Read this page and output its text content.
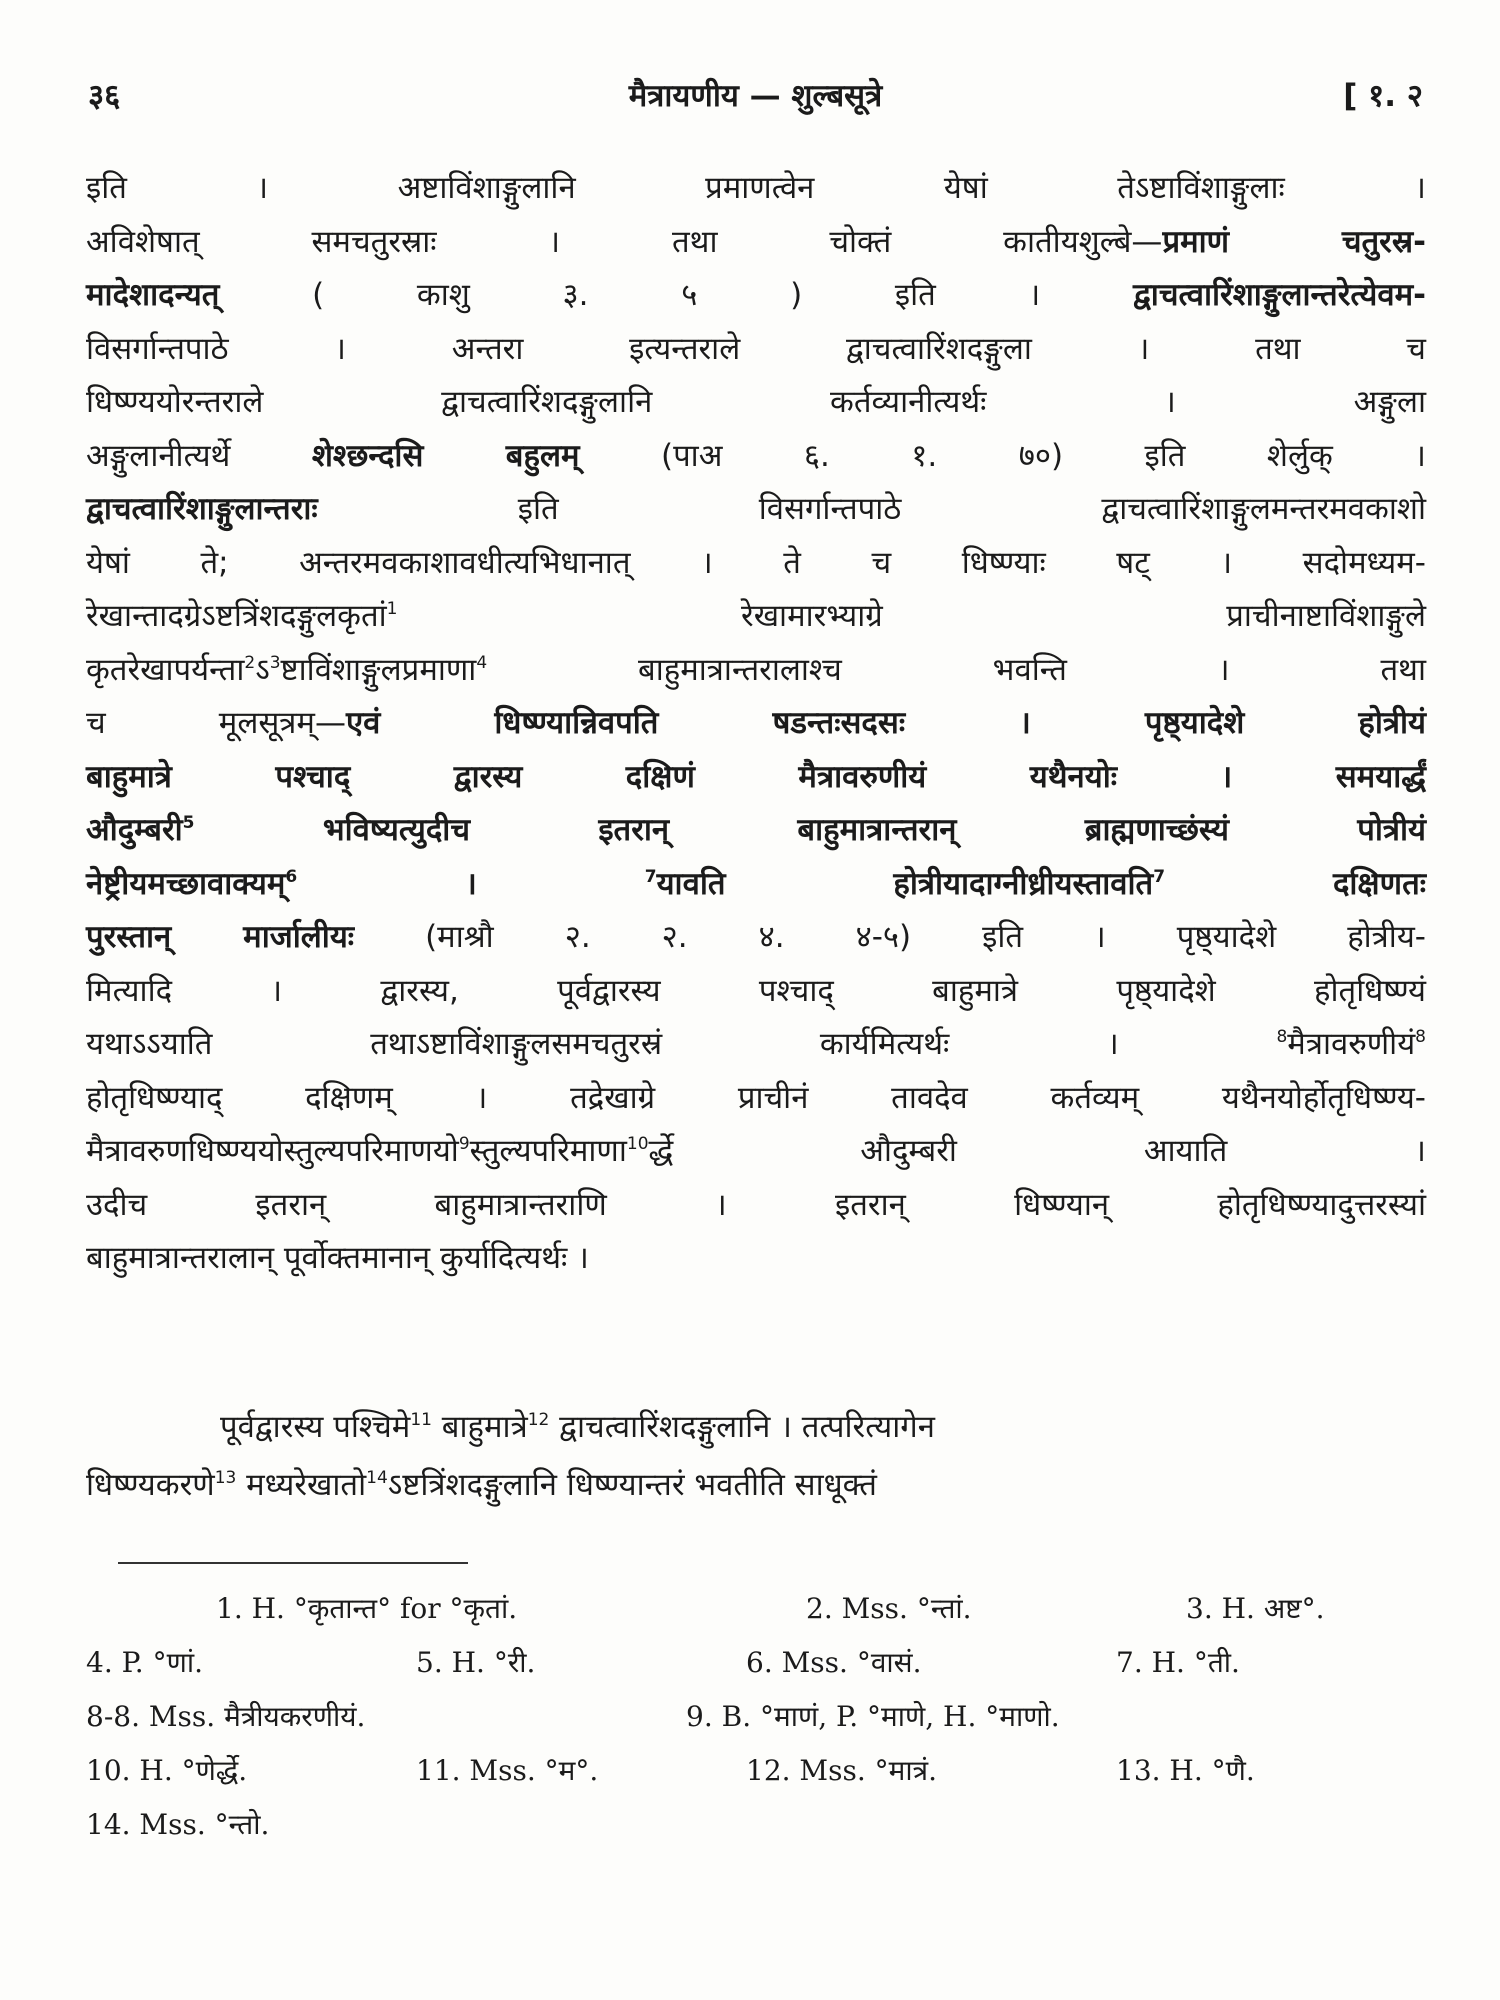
३६	मैत्रायणीय — शुल्बसूत्रे	[ १. २
इति । अष्टाविंशाङ्गुलानि प्रमाणत्वेन येषां तेऽष्टाविंशाङ्गुलाः ।
अविशेषात् समचतुरस्राः । तथा चोक्तं कातीयशुल्बे—प्रमाणं चतुरस्र-
मादेशादन्यत् ( काशु ३. ५ ) इति । द्वाचत्वारिंशाङ्गुलान्तरेत्येवम-
विसर्गान्तपाठे । अन्तरा इत्यन्तराले द्वाचत्वारिंशदङ्गुला । तथा च
धिष्ण्ययोरन्तराले द्वाचत्वारिंशदङ्गुलानि कर्तव्यानीत्यर्थः । अङ्गुला
अङ्गुलानीत्यर्थे शेश्छन्दसि बहुलम् (पाअ ६. १. ७०) इति शेर्लुक् ।
द्वाचत्वारिंशाङ्गुलान्तराः इति विसर्गान्तपाठे द्वाचत्वारिंशाङ्गुलमन्तरमवकाशो
येषां ते; अन्तरमवकाशावधीत्यभिधानात् । ते च धिष्ण्याः षट् । सदोमध्यम-
रेखान्तादग्रेऽष्टत्रिंशदङ्गुलकृतां$^1$ रेखामारभ्याग्रे प्राचीनाष्टाविंशाङ्गुले
कृतरेखापर्यन्ता$^2$ऽ$^3$ष्टाविंशाङ्गुलप्रमाणा$^4$ बाहुमात्रान्तरालाश्च भवन्ति । तथा
च मूलसूत्रम्—एवं धिष्ण्यान्निवपति षडन्तःसदसः । पृष्ठ्यादेशे होत्रीयं
बाहुमात्रे पश्चाद् द्वारस्य दक्षिणं मैत्रावरुणीयं यथैनयोः । समयार्द्धं
औदुम्बरी$^5$ भविष्यत्युदीच इतरान् बाहुमात्रान्तरान् ब्राह्मणाच्छंस्यं पोत्रीयं
नेष्ट्रीयमच्छावाक्यम्$^6$ । $^7$यावति होत्रीयादाग्नीध्रीयस्तावति$^7$ दक्षिणतः
पुरस्तान् मार्जालीयः (माश्रौ २. २. ४. ४-५) इति । पृष्ठ्यादेशे होत्रीय-
मित्यादि । द्वारस्य, पूर्वद्वारस्य पश्चाद् बाहुमात्रे पृष्ठ्यादेशे होतृधिष्ण्यं
यथाऽऽयाति तथाऽष्टाविंशाङ्गुलसमचतुरस्रं कार्यमित्यर्थः । $^8$मैत्रावरुणीयं$^8$
होतृधिष्ण्याद् दक्षिणम् । तद्रेखाग्रे प्राचीनं तावदेव कर्तव्यम् यथैनयोर्होतृधिष्ण्य-
मैत्रावरुणधिष्ण्ययोस्तुल्यपरिमाणयो$^9$स्तुल्यपरिमाणा$^{10}$र्द्धे औदुम्बरी आयाति ।
उदीच इतरान् बाहुमात्रान्तराणि । इतरान् धिष्ण्यान् होतृधिष्ण्यादुत्तरस्यां
बाहुमात्रान्तरालान् पूर्वोक्तमानान् कुर्यादित्यर्थः ।
पूर्वद्वारस्य पश्चिमे$^{11}$ बाहुमात्रे$^{12}$ द्वाचत्वारिंशदङ्गुलानि । तत्परित्यागेन
धिष्ण्यकरणे$^{13}$ मध्यरेखातो$^{14}$ऽष्टत्रिंशदङ्गुलानि धिष्ण्यान्तरं भवतीति साधूक्तं
1. H. °कृतान्त° for °कृतां.	2. Mss. °न्तां.	3. H. अष्ट°.
4. P. °णां.	5. H. °री.	6. Mss. °वासं.	7. H. °ती.
8-8. Mss. मैत्रीयकरणीयं.	9. B. °माणं, P. °माणे, H. °माणो.
10. H. °णेर्द्धे.	11. Mss. °म°.	12. Mss. °मात्रं.	13. H. °णै.
14. Mss. °न्तो.
